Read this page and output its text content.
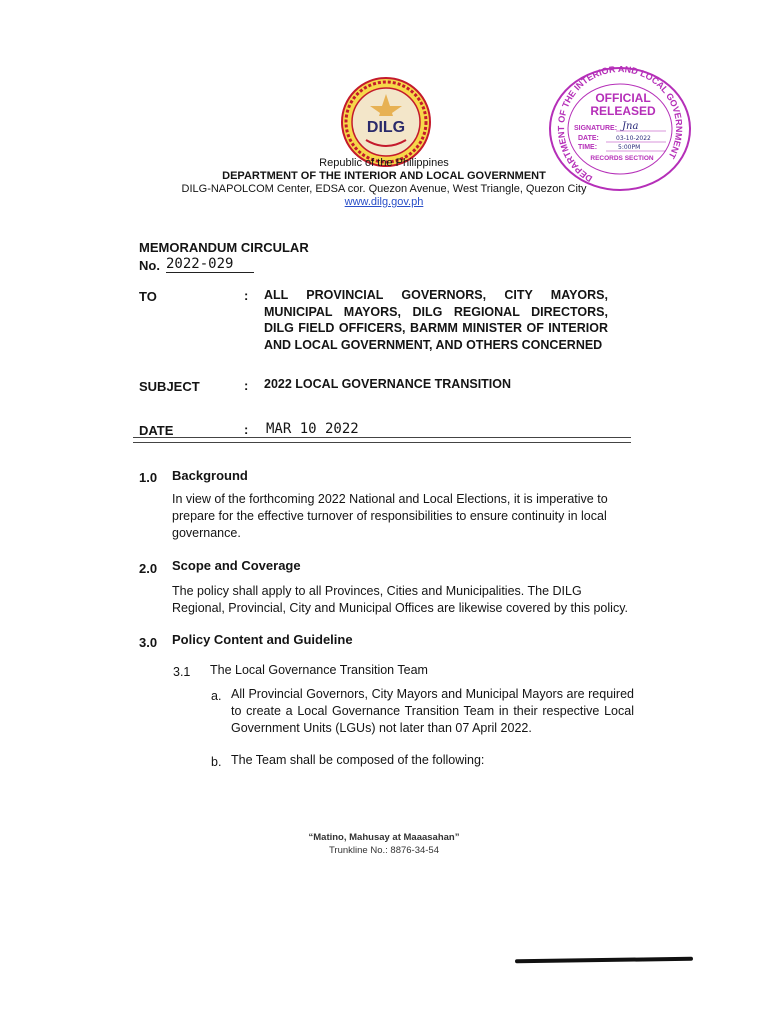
DILG
DEPARTMENT OF THE INTERIOR AND LOCAL GOVERNMENT
OFFICIAL
RELEASED
SIGNATURE: Jna
DATE:	03-10-2022
TIME:	5:00PM
RECORDS SECTION
Republic of the Philippines
DEPARTMENT OF THE INTERIOR AND LOCAL GOVERNMENT
DILG-NAPOLCOM Center, EDSA cor. Quezon Avenue, West Triangle, Quezon City
www.dilg.gov.ph
MEMORANDUM CIRCULAR
No. 2022-029
TO	: ALL PROVINCIAL GOVERNORS, CITY MAYORS, MUNICIPAL MAYORS, DILG REGIONAL DIRECTORS, DILG FIELD OFFICERS, BARMM MINISTER OF INTERIOR AND LOCAL GOVERNMENT, AND OTHERS CONCERNED
SUBJECT	: 2022 LOCAL GOVERNANCE TRANSITION
DATE	: MAR 10 2022
1.0 Background
In view of the forthcoming 2022 National and Local Elections, it is imperative to prepare for the effective turnover of responsibilities to ensure continuity in local governance.
2.0 Scope and Coverage
The policy shall apply to all Provinces, Cities and Municipalities. The DILG Regional, Provincial, City and Municipal Offices are likewise covered by this policy.
3.0 Policy Content and Guideline
3.1 The Local Governance Transition Team
a. All Provincial Governors, City Mayors and Municipal Mayors are required to create a Local Governance Transition Team in their respective Local Government Units (LGUs) not later than 07 April 2022.
b. The Team shall be composed of the following:
“Matino, Mahusay at Maaasahan”
Trunkline No.: 8876-34-54
